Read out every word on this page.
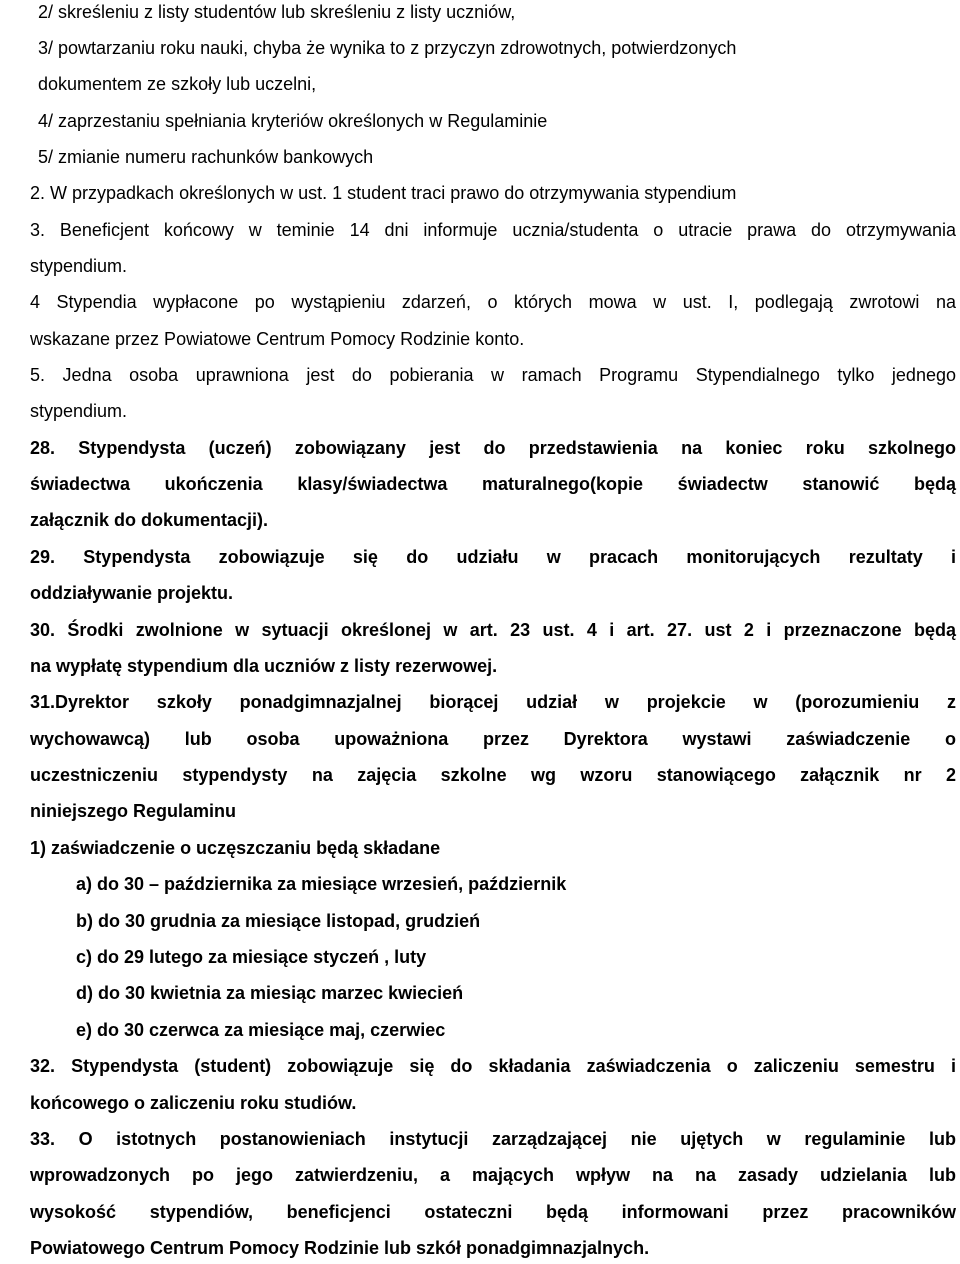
2/ skreśleniu z listy studentów lub skreśleniu z listy uczniów,
3/ powtarzaniu roku nauki, chyba że wynika to z przyczyn zdrowotnych, potwierdzonych
dokumentem ze szkoły lub uczelni,
4/ zaprzestaniu spełniania kryteriów określonych w Regulaminie
5/ zmianie numeru rachunków bankowych
2. W przypadkach określonych w ust. 1 student traci prawo do otrzymywania stypendium
3. Beneficjent końcowy w teminie 14 dni informuje ucznia/studenta o utracie prawa do otrzymywania
stypendium.
4 Stypendia wypłacone po wystąpieniu zdarzeń, o których mowa w ust. I, podlegają zwrotowi na
wskazane przez Powiatowe Centrum Pomocy Rodzinie konto.
5. Jedna osoba uprawniona jest do pobierania w ramach Programu Stypendialnego tylko jednego
stypendium.
28. Stypendysta (uczeń) zobowiązany jest do przedstawienia na koniec roku szkolnego
świadectwa ukończenia klasy/świadectwa maturalnego(kopie świadectw stanowić będą
załącznik do dokumentacji).
29. Stypendysta zobowiązuje się do udziału w pracach monitorujących rezultaty i
oddziaływanie projektu.
30. Środki zwolnione w sytuacji określonej w art. 23 ust. 4 i art. 27. ust 2 i przeznaczone będą
na wypłatę stypendium dla uczniów z listy rezerwowej.
31.Dyrektor szkoły ponadgimnazjalnej biorącej udział w projekcie w (porozumieniu z
wychowawcą) lub osoba upoważniona przez Dyrektora wystawi zaświadczenie o
uczestniczeniu stypendysty na zajęcia szkolne wg wzoru stanowiącego załącznik nr 2
niniejszego Regulaminu
1) zaświadczenie o uczęszczaniu będą składane
a) do 30 – października za miesiące wrzesień, październik
b) do 30 grudnia za miesiące listopad, grudzień
c) do 29 lutego za miesiące styczeń , luty
d) do 30 kwietnia za miesiąc marzec kwiecień
e) do 30 czerwca za miesiące maj, czerwiec
32. Stypendysta (student) zobowiązuje się do składania zaświadczenia o zaliczeniu semestru i
końcowego o zaliczeniu roku studiów.
33. O istotnych postanowieniach instytucji zarządzającej nie ujętych w regulaminie lub
wprowadzonych po jego zatwierdzeniu, a mających wpływ na na zasady udzielania lub
wysokość stypendiów, beneficjenci ostateczni będą informowani przez pracowników
Powiatowego Centrum Pomocy Rodzinie lub szkół ponadgimnazjalnych.
